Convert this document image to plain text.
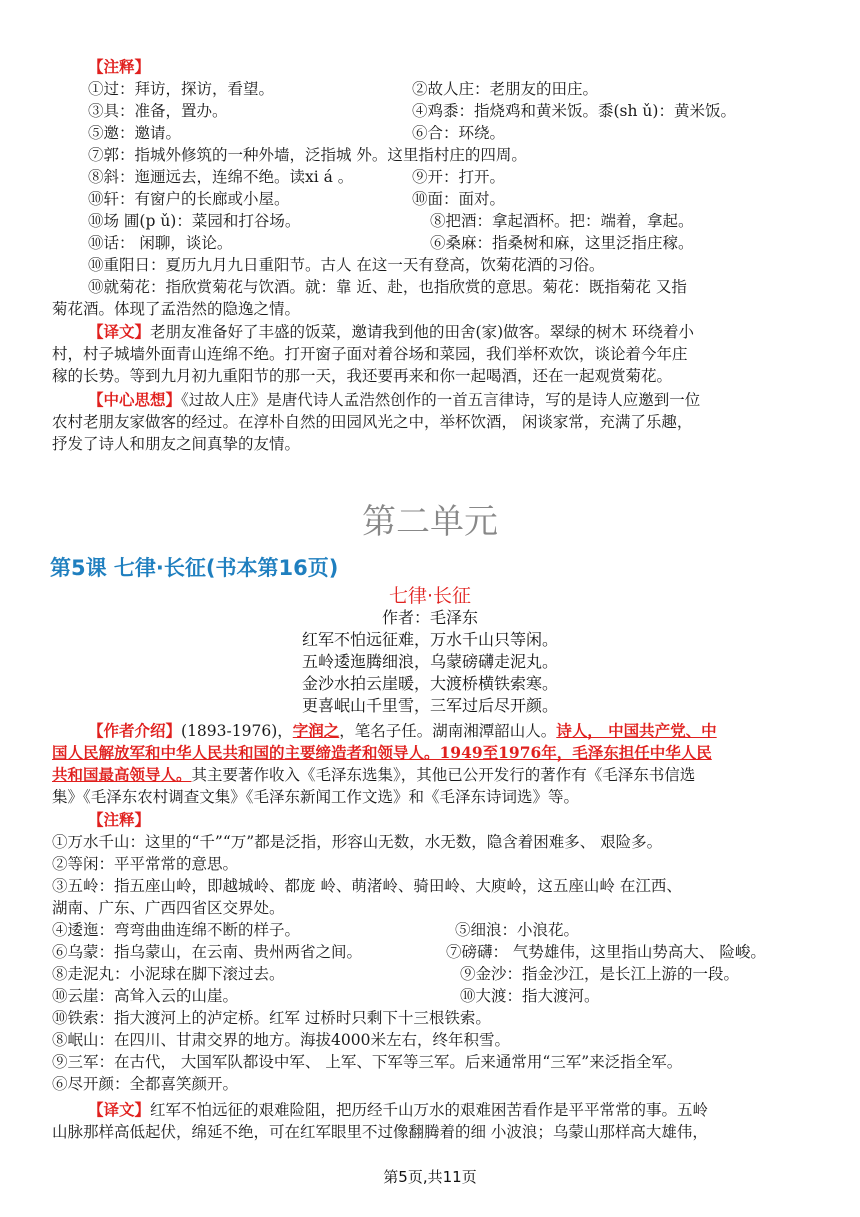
【注释】
①过：拜访，探访，看望。	②故人庄：老朋友的田庄。
③具：准备，置办。	④鸡黍：指烧鸡和黄米饭。黍(sh ǔ)：黄米饭。
⑤邀：邀请。	⑥合：环绕。
⑦郭：指城外修筑的一种外墙，泛指城 外。这里指村庄的四周。
⑧斜：迤逦远去，连绵不绝。读xi á 。	⑨开：打开。
⑩轩：有窗户的长廊或小屋。	⑩面：面对。
⑩场 圃(p ǔ)：菜园和打谷场。	⑧把酒：拿起酒杯。把：端着，拿起。
⑩话： 闲聊，谈论。	⑥桑麻：指桑树和麻，这里泛指庄稼。
⑩重阳日：夏历九月九日重阳节。古人 在这一天有登高，饮菊花酒的习俗。
⑩就菊花：指欣赏菊花与饮酒。就：靠 近、赴，也指欣赏的意思。菊花：既指菊花 又指
菊花酒。体现了孟浩然的隐逸之情。
【译文】老朋友准备好了丰盛的饭菜，邀请我到他的田舍(家)做客。翠绿的树木 环绕着小
村，村子城墙外面青山连绵不绝。打开窗子面对着谷场和菜园，我们举杯欢饮，谈论着今年庄
稼的长势。等到九月初九重阳节的那一天，我还要再来和你一起喝酒，还在一起观赏菊花。
【中心思想】《过故人庄》是唐代诗人孟浩然创作的一首五言律诗，写的是诗人应邀到一位
农村老朋友家做客的经过。在淳朴自然的田园风光之中，举杯饮酒， 闲谈家常，充满了乐趣，
抒发了诗人和朋友之间真挚的友情。
第二单元
第5课 七律·长征(书本第16页)
七律·长征
作者：毛泽东
红军不怕远征难，万水千山只等闲。
五岭逶迤腾细浪，乌蒙磅礴走泥丸。
金沙水拍云崖暖，大渡桥横铁索寒。
更喜岷山千里雪，三军过后尽开颜。
【作者介绍】(1893-1976)，字润之，笔名子任。湖南湘潭韶山人。诗人， 中国共产党、中
国人民解放军和中华人民共和国的主要缔造者和领导人。1949至1976年，毛泽东担任中华人民
共和国最高领导人。其主要著作收入《毛泽东选集》，其他已公开发行的著作有《毛泽东书信选
集》《毛泽东农村调查文集》《毛泽东新闻工作文选》和《毛泽东诗词选》等。
【注释】
①万水千山：这里的“千”“万”都是泛指，形容山无数，水无数，隐含着困难多、 艰险多。
②等闲：平平常常的意思。
③五岭：指五座山岭，即越城岭、都庞 岭、萌渚岭、骑田岭、大庾岭，这五座山岭 在江西、
湖南、广东、广西四省区交界处。
④逶迤：弯弯曲曲连绵不断的样子。	⑤细浪：小浪花。
⑥乌蒙：指乌蒙山，在云南、贵州两省之间。	⑦磅礴： 气势雄伟，这里指山势高大、 险峻。
⑧走泥丸：小泥球在脚下滚过去。	⑨金沙：指金沙江，是长江上游的一段。
⑩云崖：高耸入云的山崖。	⑩大渡：指大渡河。
⑩铁索：指大渡河上的泸定桥。红军 过桥时只剩下十三根铁索。
⑧岷山：在四川、甘肃交界的地方。海拔4000米左右，终年积雪。
⑨三军：在古代， 大国军队都设中军、 上军、下军等三军。后来通常用“三军”来泛指全军。
⑥尽开颜：全都喜笑颜开。
【译文】红军不怕远征的艰难险阻，把历经千山万水的艰难困苦看作是平平常常的事。五岭
山脉那样高低起伏，绵延不绝，可在红军眼里不过像翻腾着的细 小波浪；乌蒙山那样高大雄伟，
第5页,共11页
